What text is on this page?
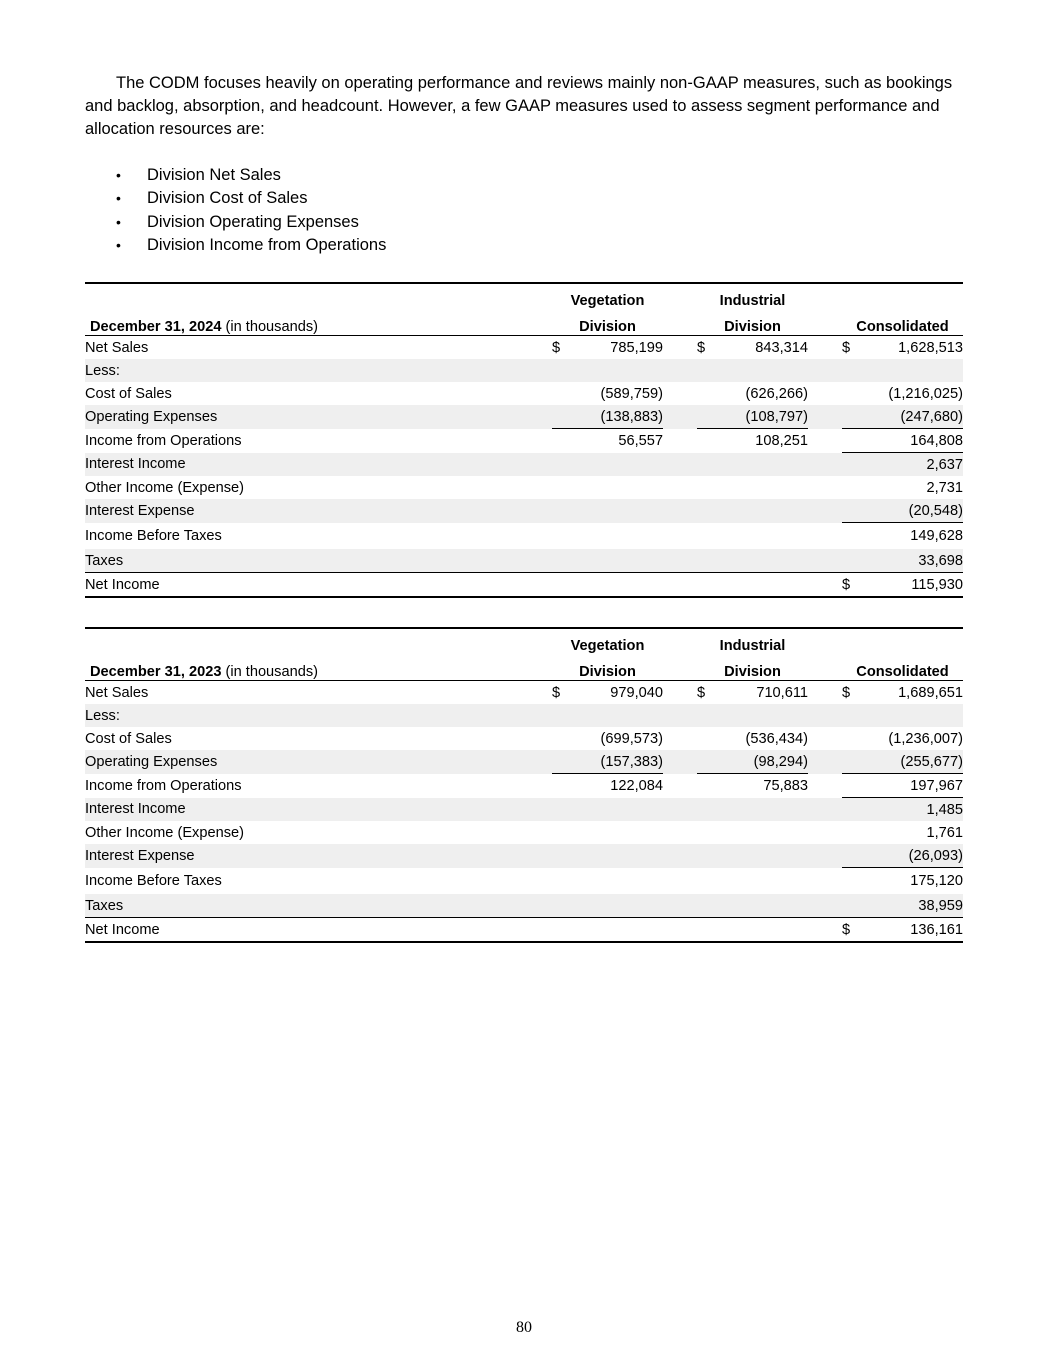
The CODM focuses heavily on operating performance and reviews mainly non-GAAP measures, such as bookings and backlog, absorption, and headcount. However, a few GAAP measures used to assess segment performance and allocation resources are:

•	Division Net Sales
•	Division Cost of Sales
•	Division Operating Expenses
•	Division Income from Operations

	Vegetation			Industrial				
December 31, 2024 (in thousands)	Division			Division			Consolidated	
Net Sales	$	785,199		$	843,314		$	1,628,513
Less:								
Cost of Sales		(589,759)			(626,266)			(1,216,025)
Operating Expenses		(138,883)			(108,797)			(247,680)
Income from Operations		56,557			108,251			164,808
Interest Income								2,637
Other Income (Expense)								2,731
Interest Expense								(20,548)
Income Before Taxes								149,628
Taxes								33,698
Net Income							$	115,930

	Vegetation			Industrial				
December 31, 2023 (in thousands)	Division			Division			Consolidated	
Net Sales	$	979,040		$	710,611		$	1,689,651
Less:								
Cost of Sales		(699,573)			(536,434)			(1,236,007)
Operating Expenses		(157,383)			(98,294)			(255,677)
Income from Operations		122,084			75,883			197,967
Interest Income								1,485
Other Income (Expense)								1,761
Interest Expense								(26,093)
Income Before Taxes								175,120
Taxes								38,959
Net Income							$	136,161
80
